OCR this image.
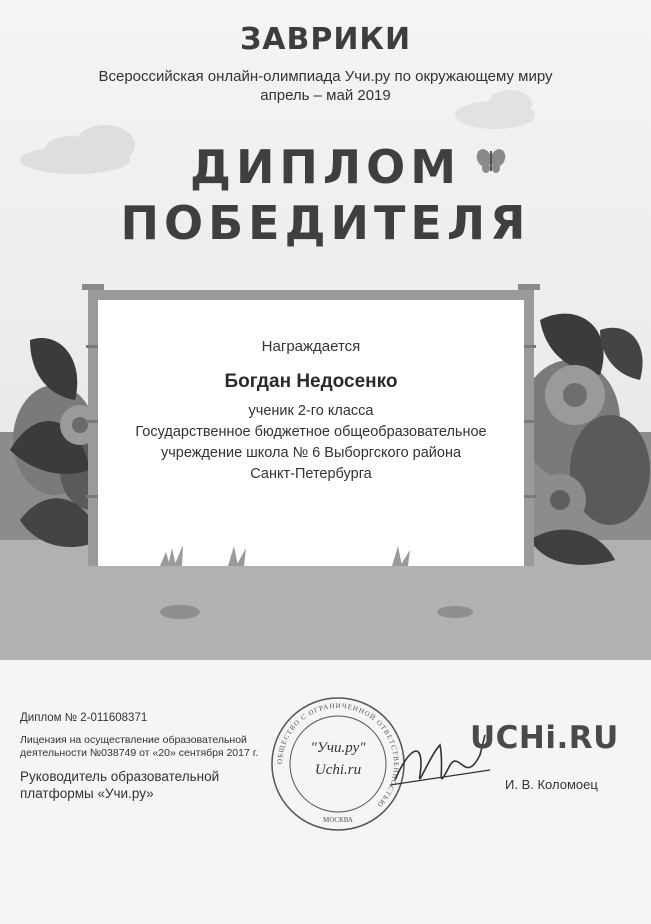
ЗАВРИКИ
Всероссийская онлайн-олимпиада Учи.ру по окружающему миру
апрель – май 2019
ДИПЛОМ
ПОБЕДИТЕЛЯ
Награждается
Богдан Недосенко
ученик 2-го класса
Государственное бюджетное общеобразовательное
учреждение школа № 6 Выборгского района
Санкт-Петербурга
Диплом № 2-011608371
Лицензия на осуществление образовательной
деятельности №038749 от «20» сентября 2017 г.
Руководитель образовательной
платформы «Учи.ру»
ОБЩЕСТВО С ОГРАНИЧЕННОЙ ОТВЕТСТВЕННОСТЬЮ
"Учи.ру"
Uchi.ru
МОСКВА
UCHi.RU
И. В. Коломоец
